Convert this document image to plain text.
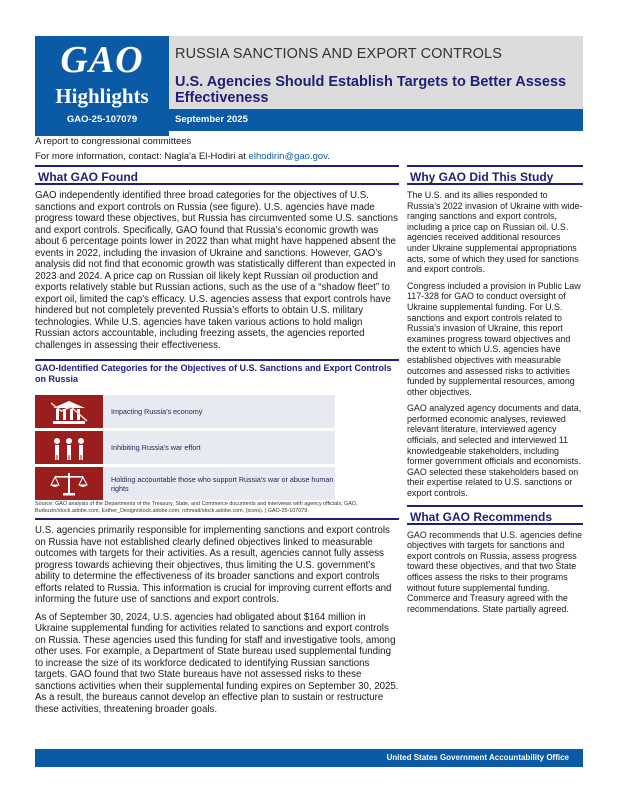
GAO
Highlights
RUSSIA SANCTIONS AND EXPORT CONTROLS
U.S. Agencies Should Establish Targets to Better Assess Effectiveness
GAO-25-107079	September 2025
A report to congressional committees
For more information, contact: Nagla'a El-Hodiri at elhodirin@gao.gov.
What GAO Found
GAO independently identified three broad categories for the objectives of U.S. sanctions and export controls on Russia (see figure). U.S. agencies have made progress toward these objectives, but Russia has circumvented some U.S. sanctions and export controls. Specifically, GAO found that Russia’s economic growth was about 6 percentage points lower in 2022 than what might have happened absent the events in 2022, including the invasion of Ukraine and sanctions. However, GAO’s analysis did not find that economic growth was statistically different than expected in 2023 and 2024. A price cap on Russian oil likely kept Russian oil production and exports relatively stable but Russian actions, such as the use of a “shadow fleet” to export oil, limited the cap’s efficacy. U.S. agencies assess that export controls have hindered but not completely prevented Russia’s efforts to obtain U.S. military technologies. While U.S. agencies have taken various actions to hold malign Russian actors accountable, including freezing assets, the agencies reported challenges in assessing their effectiveness.
GAO-Identified Categories for the Objectives of U.S. Sanctions and Export Controls on Russia
Impacting Russia’s economy
Inhibiting Russia’s war effort
Holding accountable those who support Russia’s war or abuse human rights
Source: GAO analysis of the Departments of the Treasury, State, and Commerce documents and interviews with agency officials; GAO, Burbuzin/stock.adobe.com, Esther_Design/stock.adobe.com, rohmad/stock.adobe.com. (icons). | GAO-25-107079
U.S. agencies primarily responsible for implementing sanctions and export controls on Russia have not established clearly defined objectives linked to measurable outcomes with targets for their activities. As a result, agencies cannot fully assess progress towards achieving their objectives, thus limiting the U.S. government’s ability to determine the effectiveness of its broader sanctions and export controls efforts related to Russia. This information is crucial for improving current efforts and informing the future use of sanctions and export controls.
As of September 30, 2024, U.S. agencies had obligated about $164 million in Ukraine supplemental funding for activities related to sanctions and export controls on Russia. These agencies used this funding for staff and investigative tools, among other uses. For example, a Department of State bureau used supplemental funding to increase the size of its workforce dedicated to identifying Russian sanctions targets. GAO found that two State bureaus have not assessed risks to these sanctions activities when their supplemental funding expires on September 30, 2025. As a result, the bureaus cannot develop an effective plan to sustain or restructure these activities, threatening broader goals.
Why GAO Did This Study
The U.S. and its allies responded to Russia’s 2022 invasion of Ukraine with wide-ranging sanctions and export controls, including a price cap on Russian oil. U.S. agencies received additional resources under Ukraine supplemental appropriations acts, some of which they used for sanctions and export controls.
Congress included a provision in Public Law 117-328 for GAO to conduct oversight of Ukraine supplemental funding. For U.S. sanctions and export controls related to Russia’s invasion of Ukraine, this report examines progress toward objectives and the extent to which U.S. agencies have established objectives with measurable outcomes and assessed risks to activities funded by supplemental resources, among other objectives.
GAO analyzed agency documents and data, performed economic analyses, reviewed relevant literature, interviewed agency officials, and selected and interviewed 11 knowledgeable stakeholders, including former government officials and economists. GAO selected these stakeholders based on their expertise related to U.S. sanctions or export controls.
What GAO Recommends
GAO recommends that U.S. agencies define objectives with targets for sanctions and export controls on Russia, assess progress toward these objectives, and that two State offices assess the risks to their programs without future supplemental funding. Commerce and Treasury agreed with the recommendations. State partially agreed.
United States Government Accountability Office
